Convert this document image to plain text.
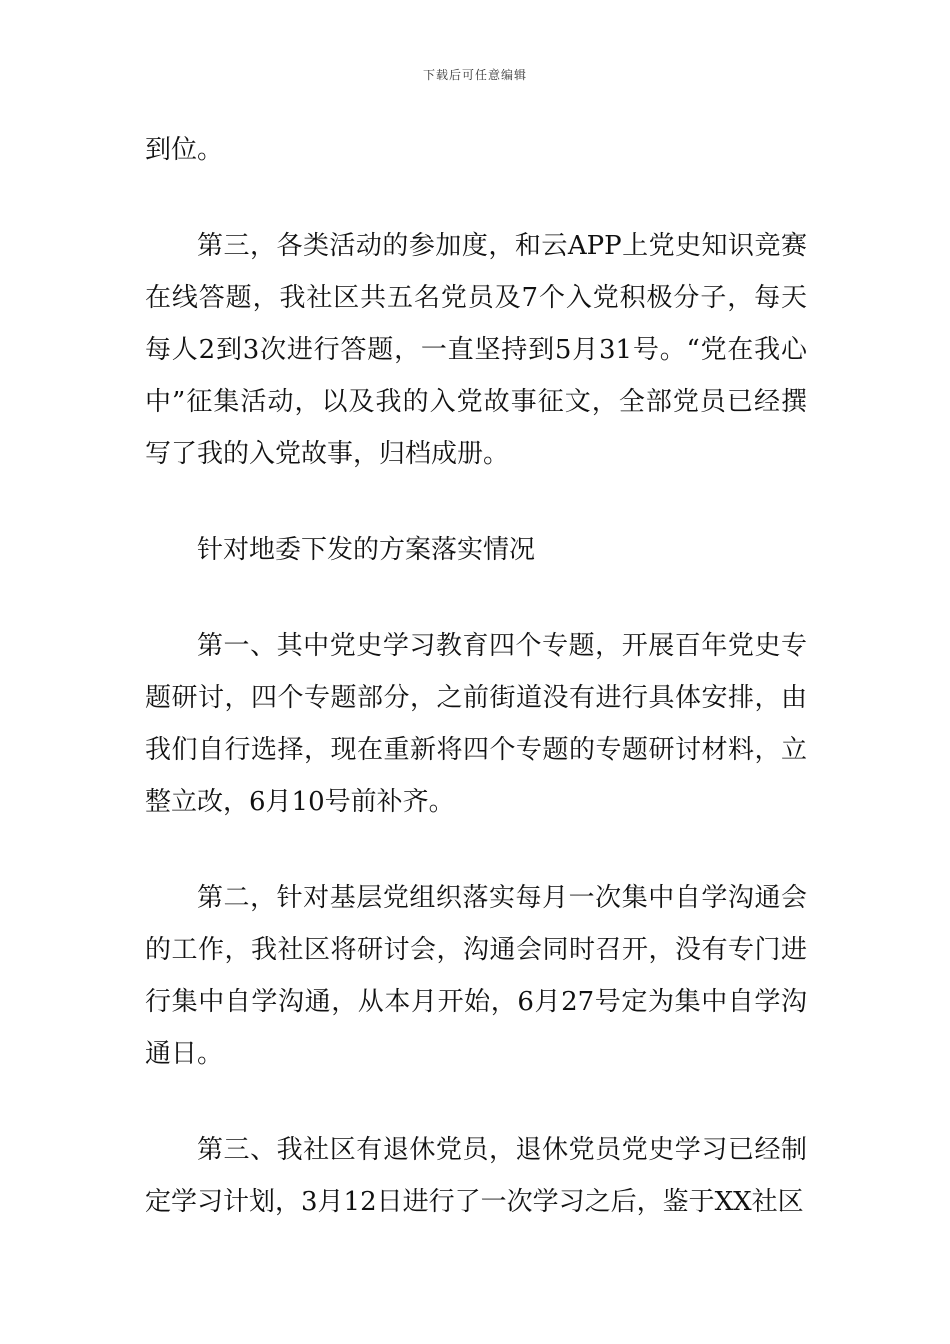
下载后可任意编辑

到位。

第三，各类活动的参加度，和云APP上党史知识竞赛在线答题，我社区共五名党员及7个入党积极分子，每天每人2到3次进行答题，一直坚持到5月31号。“党在我心中”征集活动，以及我的入党故事征文，全部党员已经撰写了我的入党故事，归档成册。

针对地委下发的方案落实情况

第一、其中党史学习教育四个专题，开展百年党史专题研讨，四个专题部分，之前街道没有进行具体安排，由我们自行选择，现在重新将四个专题的专题研讨材料，立整立改，6月10号前补齐。

第二，针对基层党组织落实每月一次集中自学沟通会的工作，我社区将研讨会，沟通会同时召开，没有专门进行集中自学沟通，从本月开始，6月27号定为集中自学沟通日。

第三、我社区有退休党员，退休党员党史学习已经制定学习计划，3月12日进行了一次学习之后，鉴于XX社区
